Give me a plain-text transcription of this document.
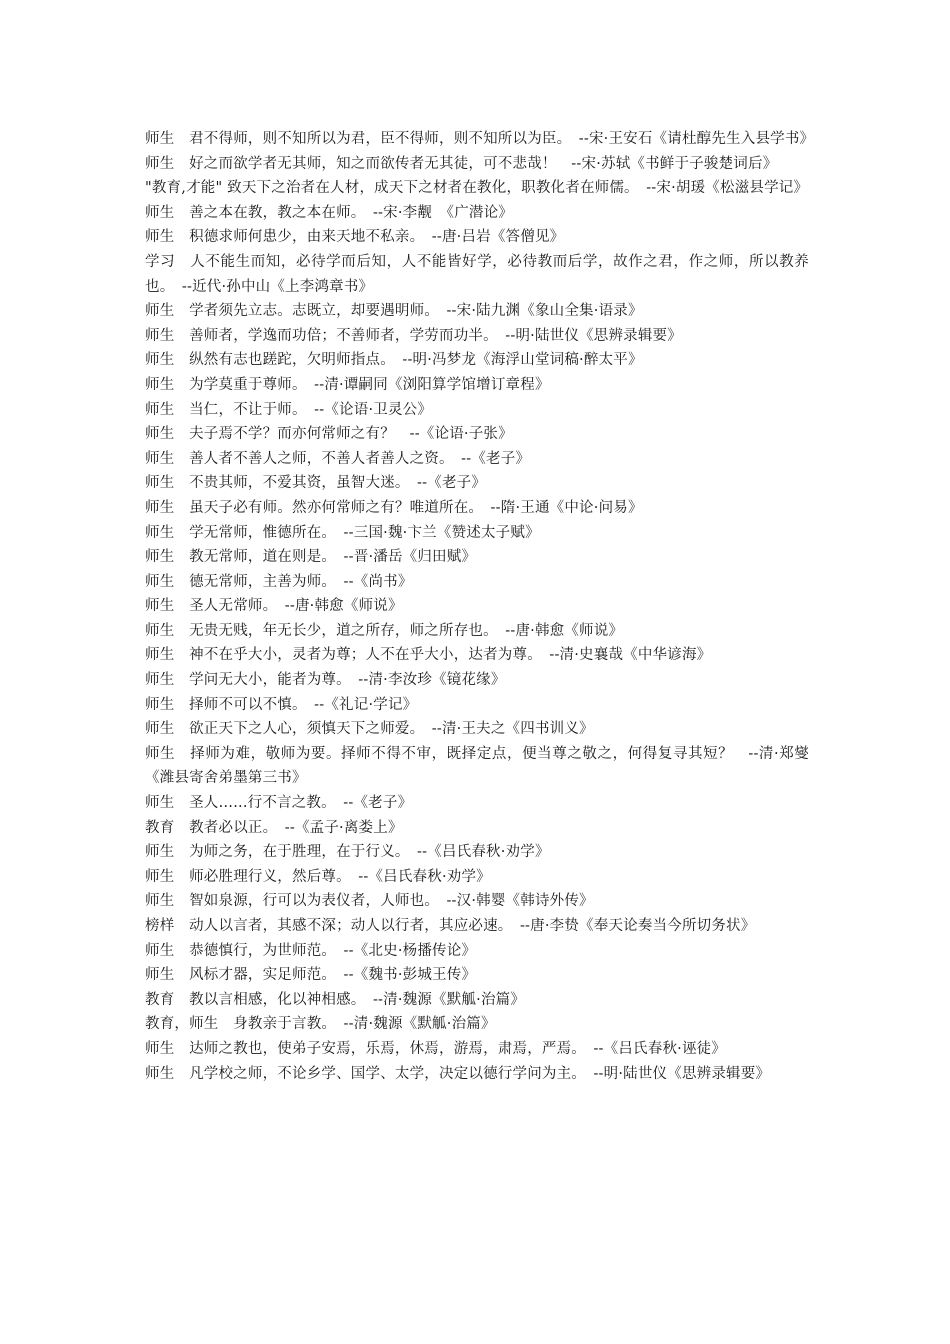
师生　君不得师，则不知所以为君，臣不得师，则不知所以为臣。　--宋·王安石《请杜醇先生入县学书》

师生　好之而欲学者无其师，知之而欲传者无其徒，可不悲哉！　--宋·苏轼《书鲜于子骏楚词后》

"教育,才能" 致天下之治者在人材，成天下之材者在教化，职教化者在师儒。　--宋·胡瑗《松滋县学记》

师生　善之本在教，教之本在师。　--宋·李觏　《广潜论》

师生　积德求师何患少，由来天地不私亲。　--唐·吕岩《答僧见》

学习　人不能生而知，必待学而后知，人不能皆好学，必待教而后学，故作之君，作之师，所以教养也。　--近代·孙中山《上李鸿章书》

师生　学者须先立志。志既立，却要遇明师。　--宋·陆九渊《象山全集·语录》

师生　善师者，学逸而功倍；不善师者，学劳而功半。　--明·陆世仪《思辨录辑要》

师生　纵然有志也蹉跎，欠明师指点。　--明·冯梦龙《海浮山堂词稿·醉太平》

师生　为学莫重于尊师。　--清·谭嗣同《浏阳算学馆增订章程》

师生　当仁，不让于师。　--《论语·卫灵公》

师生　夫子焉不学？而亦何常师之有？　--《论语·子张》

师生　善人者不善人之师，不善人者善人之资。　--《老子》

师生　不贵其师，不爱其资，虽智大迷。　--《老子》

师生　虽天子必有师。然亦何常师之有？唯道所在。　--隋·王通《中论·问易》

师生　学无常师，惟德所在。　--三国·魏·卞兰《赞述太子赋》

师生　教无常师，道在则是。　--晋·潘岳《归田赋》

师生　德无常师，主善为师。　--《尚书》

师生　圣人无常师。　--唐·韩愈《师说》

师生　无贵无贱，年无长少，道之所存，师之所存也。　--唐·韩愈《师说》

师生　神不在乎大小，灵者为尊；人不在乎大小，达者为尊。　--清·史襄哉《中华谚海》

师生　学问无大小，能者为尊。　--清·李汝珍《镜花缘》

师生　择师不可以不慎。　--《礼记·学记》

师生　欲正天下之人心，须慎天下之师爱。　--清·王夫之《四书训义》

师生　择师为难，敬师为要。择师不得不审，既择定点，便当尊之敬之，何得复寻其短？　--清·郑燮《潍县寄舍弟墨第三书》

师生　圣人…...行不言之教。　--《老子》

教育　教者必以正。　--《孟子·离娄上》

师生　为师之务，在于胜理，在于行义。　--《吕氏春秋·劝学》

师生　师必胜理行义，然后尊。　--《吕氏春秋·劝学》

师生　智如泉源，行可以为表仪者，人师也。　--汉·韩婴《韩诗外传》

榜样　动人以言者，其感不深；动人以行者，其应必速。　--唐·李贽《奉天论奏当今所切务状》

师生　恭德慎行，为世师范。　--《北史·杨播传论》

师生　风标才器，实足师范。　--《魏书·彭城王传》

教育　教以言相感，化以神相感。　--清·魏源《默觚·治篇》

教育，师生　身教亲于言教。　--清·魏源《默觚·治篇》

师生　达师之教也，使弟子安焉，乐焉，休焉，游焉，肃焉，严焉。　--《吕氏春秋·诬徒》

师生　凡学校之师，不论乡学、国学、太学，决定以德行学问为主。　--明·陆世仪《思辨录辑要》
